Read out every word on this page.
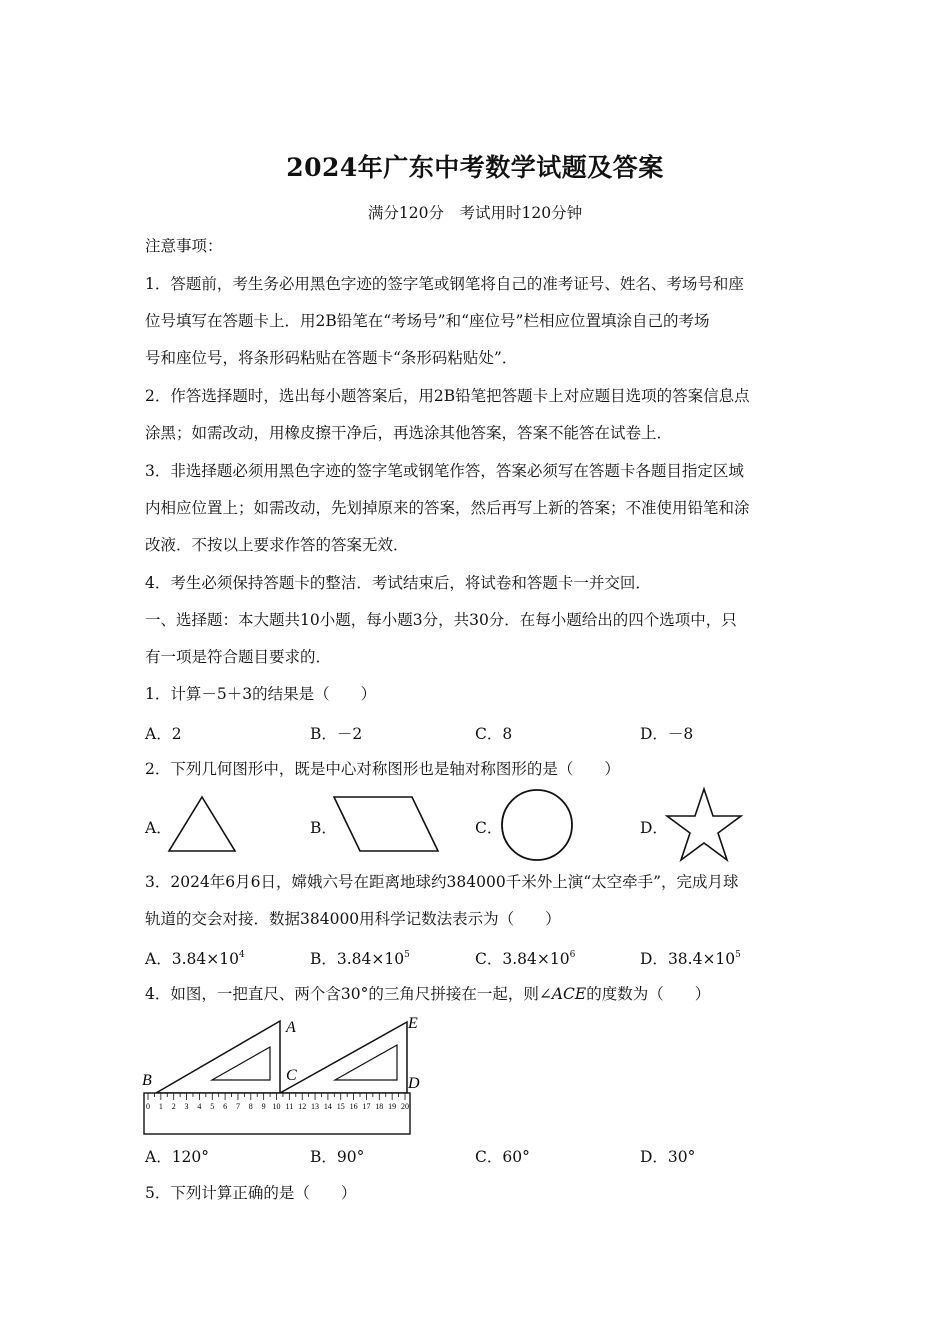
2024年广东中考数学试题及答案
满分120分　考试用时120分钟
注意事项：
1．答题前，考生务必用黑色字迹的签字笔或钢笔将自己的准考证号、姓名、考场号和座
位号填写在答题卡上．用2B铅笔在“考场号”和“座位号”栏相应位置填涂自己的考场
号和座位号，将条形码粘贴在答题卡“条形码粘贴处”．
2．作答选择题时，选出每小题答案后，用2B铅笔把答题卡上对应题目选项的答案信息点
涂黑；如需改动，用橡皮擦干净后，再选涂其他答案，答案不能答在试卷上．
3．非选择题必须用黑色字迹的签字笔或钢笔作答，答案必须写在答题卡各题目指定区域
内相应位置上；如需改动，先划掉原来的答案，然后再写上新的答案；不准使用铅笔和涂
改液．不按以上要求作答的答案无效．
4．考生必须保持答题卡的整洁．考试结束后，将试卷和答题卡一并交回．
一、选择题：本大题共10小题，每小题3分，共30分．在每小题给出的四个选项中，只
有一项是符合题目要求的．
1．计算－5＋3的结果是（　　）
A．2	B．－2	C．8	D．－8
2．下列几何图形中，既是中心对称图形也是轴对称图形的是（　　）
A．	B．	C．	D．
3．2024年6月6日，嫦娥六号在距离地球约384000千米外上演“太空牵手”，完成月球
轨道的交会对接．数据384000用科学记数法表示为（　　）
A．$3.84\times 10^4$	B．$3.84\times 10^5$	C．$3.84\times 10^6$	D．$38.4\times 10^5$
4．如图，一把直尺、两个含30°的三角尺拼接在一起，则∠ACE的度数为（　　）
0 1 2 3 4 5 6 7 8 9 10 11 12 13 14 15 16 17 18 19 20
A
B	C	D
E
A．120°	B．90°	C．60°	D．30°
5．下列计算正确的是（　　）
